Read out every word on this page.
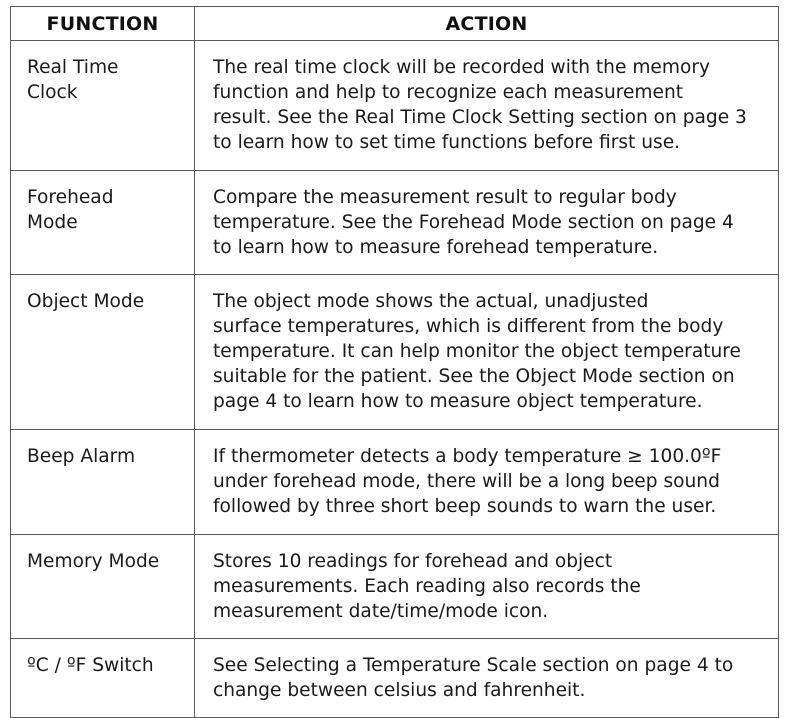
FUNCTION	ACTION

Real Time
Clock	The real time clock will be recorded with the memory
function and help to recognize each measurement
result. See the Real Time Clock Setting section on page 3
to learn how to set time functions before first use.

Forehead
Mode	Compare the measurement result to regular body
temperature. See the Forehead Mode section on page 4
to learn how to measure forehead temperature.

Object Mode	The object mode shows the actual, unadjusted
surface temperatures, which is different from the body
temperature. It can help monitor the object temperature
suitable for the patient. See the Object Mode section on
page 4 to learn how to measure object temperature.

Beep Alarm	If thermometer detects a body temperature ≥ 100.0ºF
under forehead mode, there will be a long beep sound
followed by three short beep sounds to warn the user.

Memory Mode	Stores 10 readings for forehead and object
measurements. Each reading also records the
measurement date/time/mode icon.

ºC / ºF Switch	See Selecting a Temperature Scale section on page 4 to
change between celsius and fahrenheit.
